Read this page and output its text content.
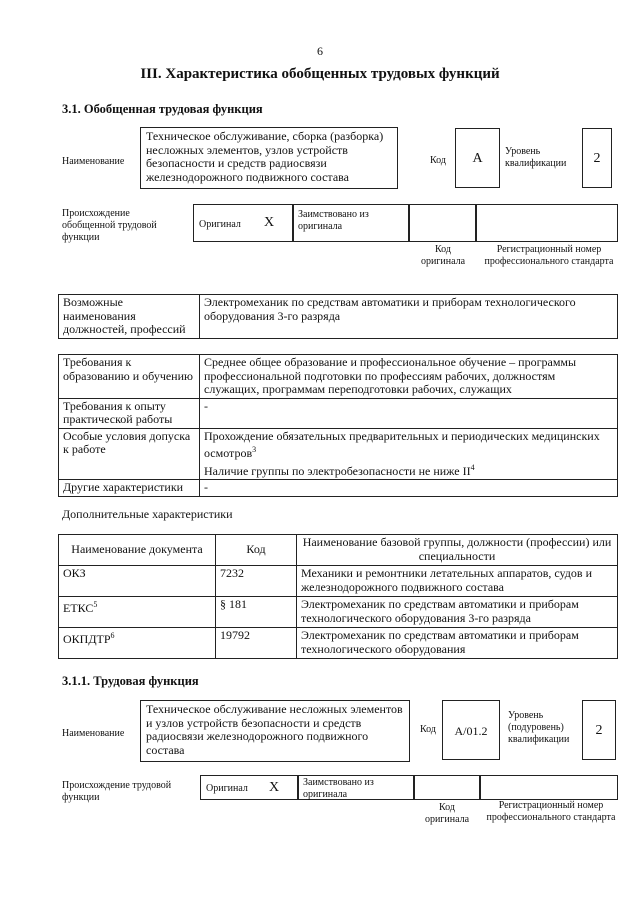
6
III. Характеристика обобщенных трудовых функций
3.1. Обобщенная трудовая функция
Наименование
Техническое обслуживание, сборка (разборка) несложных элементов, узлов устройств безопасности и средств радиосвязи железнодорожного подвижного состава
Код	А	Уровень квалификации	2
Происхождение обобщенной трудовой функции
Оригинал Х
Заимствовано из оригинала
Код оригинала
Регистрационный номер профессионального стандарта
Возможные наименования должностей, профессий	Электромеханик по средствам автоматики и приборам технологического оборудования 3-го разряда
Требования к образованию и обучению	Среднее общее образование и профессиональное обучение – программы профессиональной подготовки по профессиям рабочих, должностям служащих, программам переподготовки рабочих, служащих
Требования к опыту практической работы	-
Особые условия допуска к работе	Прохождение обязательных предварительных и периодических медицинских осмотров$^3$
Наличие группы по электробезопасности не ниже $II^4$
Другие характеристики	-
Дополнительные характеристики
Наименование документа	Код	Наименование базовой группы, должности (профессии) или специальности
ОКЗ	7232	Механики и ремонтники летательных аппаратов, судов и железнодорожного подвижного состава
ЕТКС$^5$	§ 181	Электромеханик по средствам автоматики и приборам технологического оборудования 3-го разряда
ОКПДТР$^6$	19792	Электромеханик по средствам автоматики и приборам технологического оборудования
3.1.1. Трудовая функция
Наименование
Техническое обслуживание несложных элементов и узлов устройств безопасности и средств радиосвязи железнодорожного подвижного состава
Код	A/01.2
Уровень (подуровень) квалификации
2
Происхождение трудовой функции
Оригинал Х	Заимствовано из оригинала
Код оригинала
Регистрационный номер профессионального стандарта
